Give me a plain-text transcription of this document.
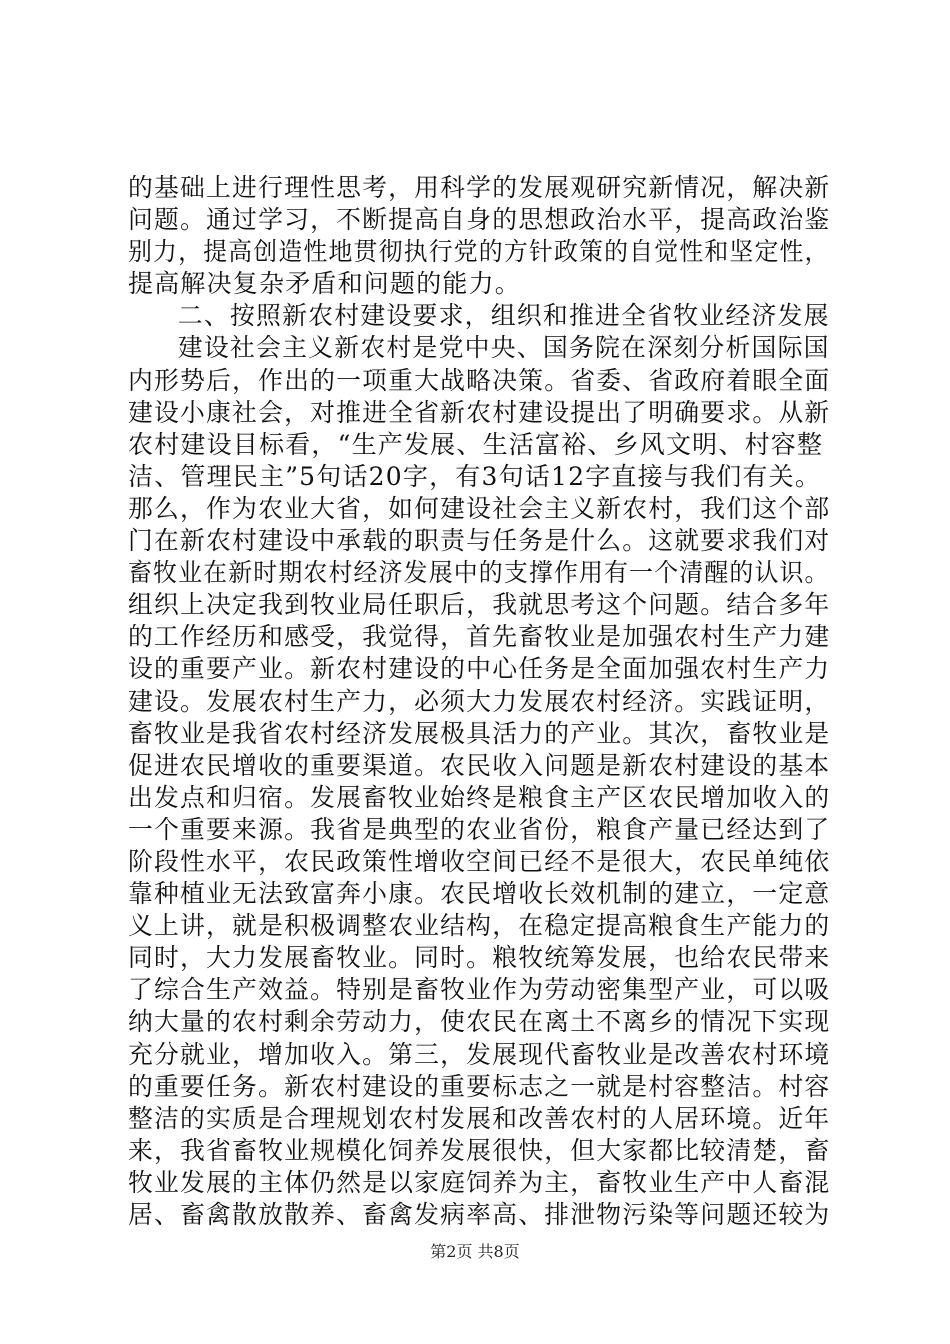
的基础上进行理性思考，用科学的发展观研究新情况，解决新
问题。通过学习，不断提高自身的思想政治水平，提高政治鉴
别力，提高创造性地贯彻执行党的方针政策的自觉性和坚定性，
提高解决复杂矛盾和问题的能力。
二、按照新农村建设要求，组织和推进全省牧业经济发展
建设社会主义新农村是党中央、国务院在深刻分析国际国
内形势后，作出的一项重大战略决策。省委、省政府着眼全面
建设小康社会，对推进全省新农村建设提出了明确要求。从新
农村建设目标看，“生产发展、生活富裕、乡风文明、村容整
洁、管理民主”5句话20字，有3句话12字直接与我们有关。
那么，作为农业大省，如何建设社会主义新农村，我们这个部
门在新农村建设中承载的职责与任务是什么。这就要求我们对
畜牧业在新时期农村经济发展中的支撑作用有一个清醒的认识。
组织上决定我到牧业局任职后，我就思考这个问题。结合多年
的工作经历和感受，我觉得，首先畜牧业是加强农村生产力建
设的重要产业。新农村建设的中心任务是全面加强农村生产力
建设。发展农村生产力，必须大力发展农村经济。实践证明，
畜牧业是我省农村经济发展极具活力的产业。其次，畜牧业是
促进农民增收的重要渠道。农民收入问题是新农村建设的基本
出发点和归宿。发展畜牧业始终是粮食主产区农民增加收入的
一个重要来源。我省是典型的农业省份，粮食产量已经达到了
阶段性水平，农民政策性增收空间已经不是很大，农民单纯依
靠种植业无法致富奔小康。农民增收长效机制的建立，一定意
义上讲，就是积极调整农业结构，在稳定提高粮食生产能力的
同时，大力发展畜牧业。同时。粮牧统筹发展，也给农民带来
了综合生产效益。特别是畜牧业作为劳动密集型产业，可以吸
纳大量的农村剩余劳动力，使农民在离土不离乡的情况下实现
充分就业，增加收入。第三，发展现代畜牧业是改善农村环境
的重要任务。新农村建设的重要标志之一就是村容整洁。村容
整洁的实质是合理规划农村发展和改善农村的人居环境。近年
来，我省畜牧业规模化饲养发展很快，但大家都比较清楚，畜
牧业发展的主体仍然是以家庭饲养为主，畜牧业生产中人畜混
居、畜禽散放散养、畜禽发病率高、排泄物污染等问题还较为
第2页 共8页
